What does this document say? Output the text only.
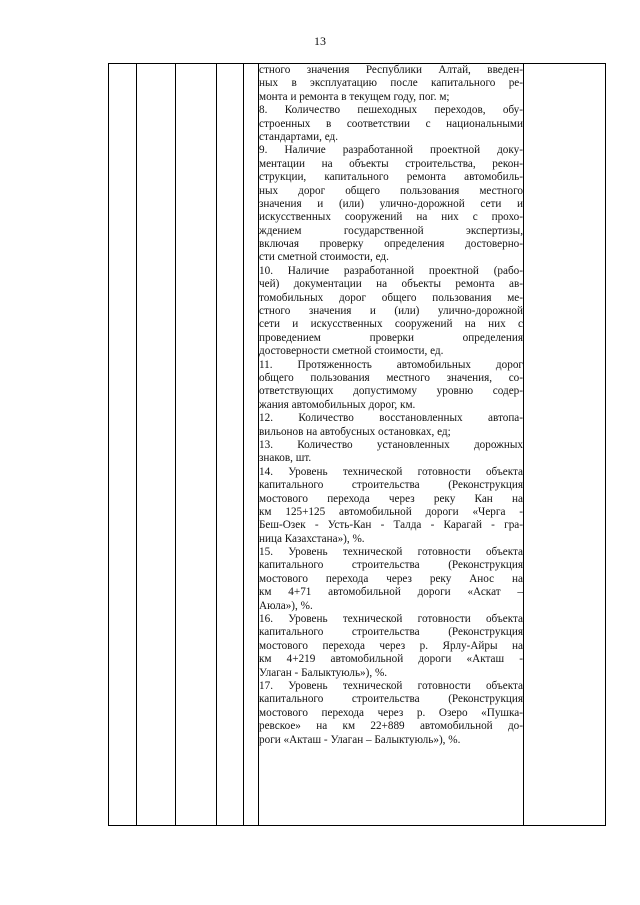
13

стного значения Республики Алтай, введен-
ных в эксплуатацию после капитального ре-
монта и ремонта в текущем году, пог. м;
8. Количество пешеходных переходов, обу-
строенных в соответствии с национальными
стандартами, ед.
9. Наличие разработанной проектной доку-
ментации на объекты строительства, рекон-
струкции, капитального ремонта автомобиль-
ных дорог общего пользования местного
значения и (или) улично-дорожной сети и
искусственных сооружений на них с прохо-
ждением государственной экспертизы,
включая проверку определения достоверно-
сти сметной стоимости, ед.
10. Наличие разработанной проектной (рабо-
чей) документации на объекты ремонта ав-
томобильных дорог общего пользования ме-
стного значения и (или) улично-дорожной
сети и искусственных сооружений на них с
проведением проверки определения
достоверности сметной стоимости, ед.
11. Протяженность автомобильных дорог
общего пользования местного значения, со-
ответствующих допустимому уровню содер-
жания автомобильных дорог, км.
12. Количество восстановленных автопа-
вильонов на автобусных остановках, ед;
13. Количество установленных дорожных
знаков, шт.
14. Уровень технической готовности объекта
капитального строительства (Реконструкция
мостового перехода через реку Кан на
км 125+125 автомобильной дороги «Черга -
Беш-Озек - Усть-Кан - Талда - Карагай - гра-
ница Казахстана»), %.
15. Уровень технической готовности объекта
капитального строительства (Реконструкция
мостового перехода через реку Анос на
км 4+71 автомобильной дороги «Аскат –
Аюла»), %.
16. Уровень технической готовности объекта
капитального строительства (Реконструкция
мостового перехода через р. Ярлу-Айры на
км 4+219 автомобильной дороги «Акташ -
Улаган - Балыктуюль»), %.
17. Уровень технической готовности объекта
капитального строительства (Реконструкция
мостового перехода через р. Озеро «Пушка-
ревское» на км 22+889 автомобильной до-
роги «Акташ - Улаган – Балыктуюль»), %.
